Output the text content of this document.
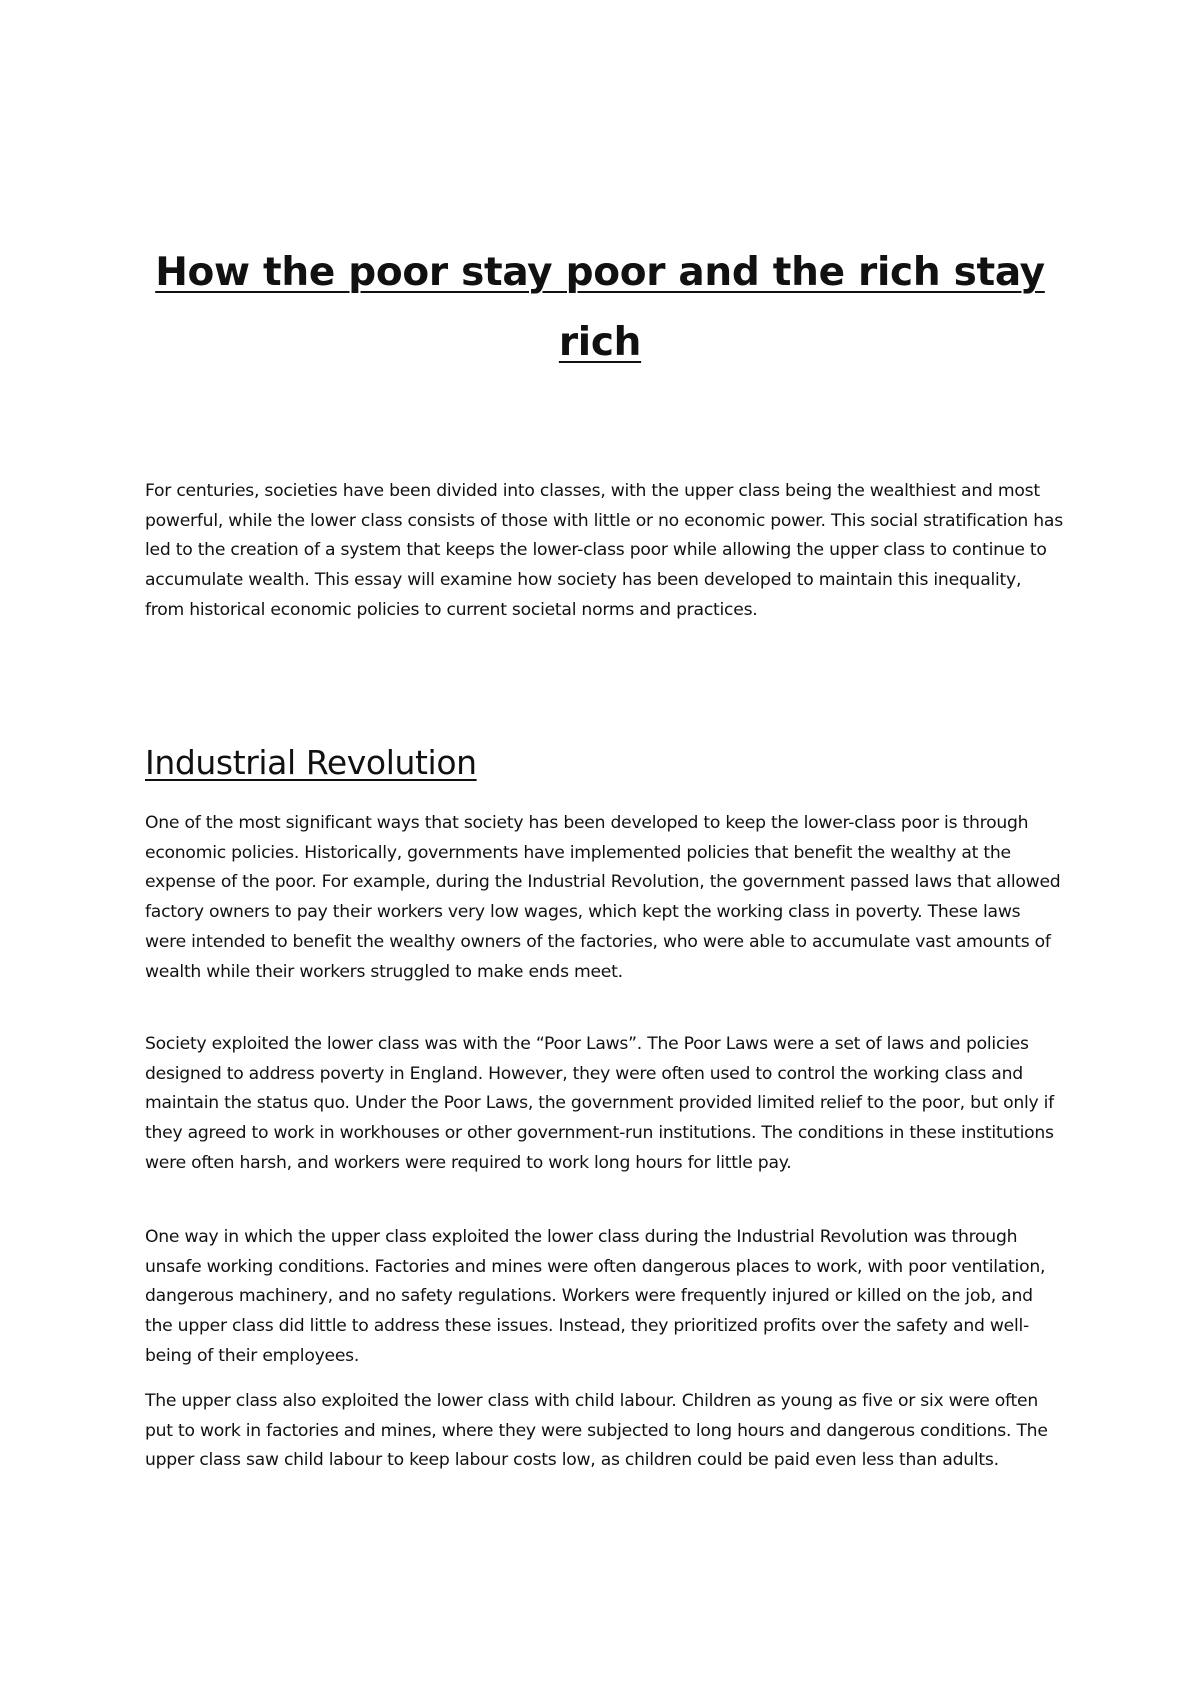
How the poor stay poor and the rich stay rich

For centuries, societies have been divided into classes, with the upper class being the wealthiest and most powerful, while the lower class consists of those with little or no economic power. This social stratification has led to the creation of a system that keeps the lower-class poor while allowing the upper class to continue to accumulate wealth. This essay will examine how society has been developed to maintain this inequality, from historical economic policies to current societal norms and practices.

Industrial Revolution

One of the most significant ways that society has been developed to keep the lower-class poor is through economic policies. Historically, governments have implemented policies that benefit the wealthy at the expense of the poor. For example, during the Industrial Revolution, the government passed laws that allowed factory owners to pay their workers very low wages, which kept the working class in poverty. These laws were intended to benefit the wealthy owners of the factories, who were able to accumulate vast amounts of wealth while their workers struggled to make ends meet.

Society exploited the lower class was with the “Poor Laws”. The Poor Laws were a set of laws and policies designed to address poverty in England. However, they were often used to control the working class and maintain the status quo. Under the Poor Laws, the government provided limited relief to the poor, but only if they agreed to work in workhouses or other government-run institutions. The conditions in these institutions were often harsh, and workers were required to work long hours for little pay.

One way in which the upper class exploited the lower class during the Industrial Revolution was through unsafe working conditions. Factories and mines were often dangerous places to work, with poor ventilation, dangerous machinery, and no safety regulations. Workers were frequently injured or killed on the job, and the upper class did little to address these issues. Instead, they prioritized profits over the safety and well-being of their employees.

The upper class also exploited the lower class with child labour. Children as young as five or six were often put to work in factories and mines, where they were subjected to long hours and dangerous conditions. The upper class saw child labour to keep labour costs low, as children could be paid even less than adults.
